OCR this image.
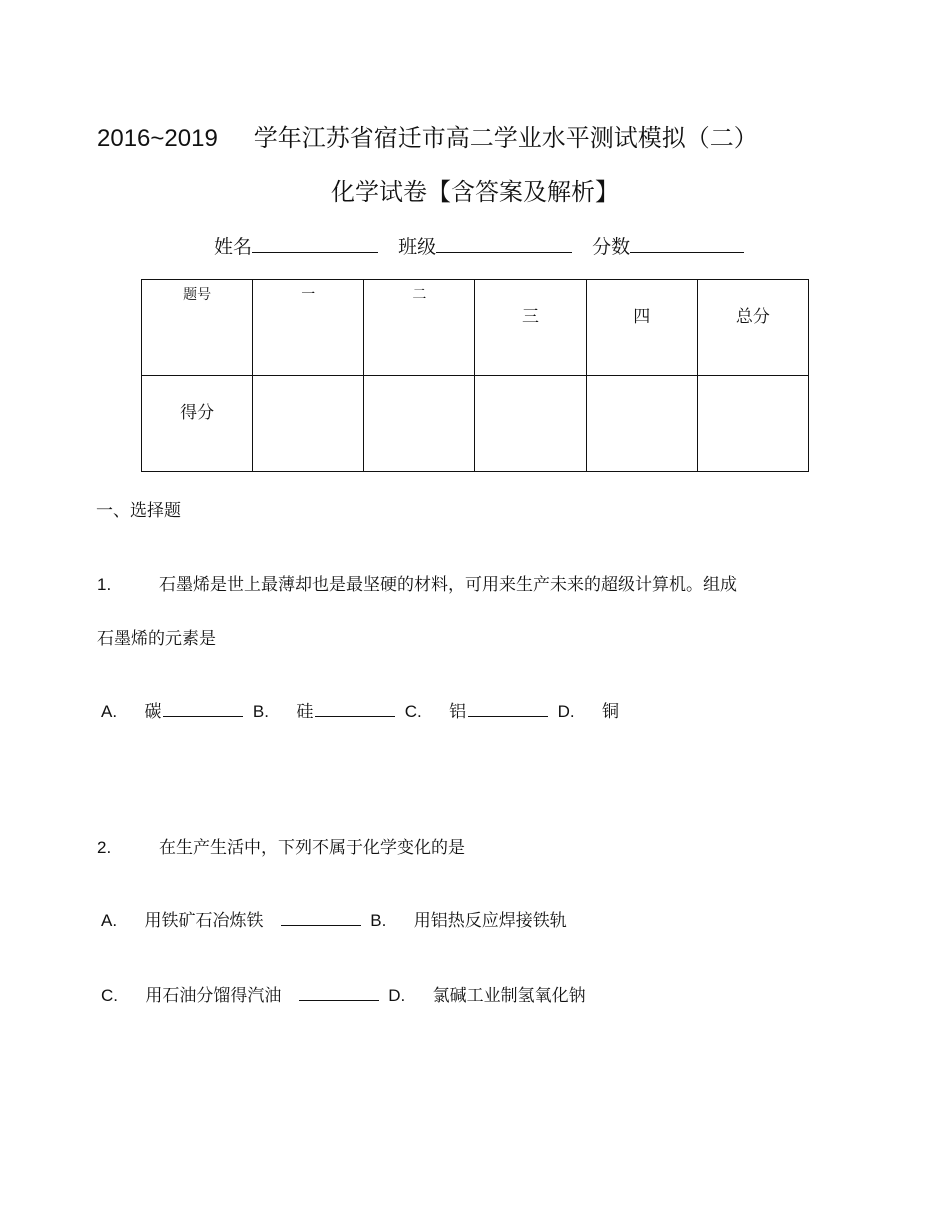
2016~2019 学年江苏省宿迁市高二学业水平测试模拟（二）
化学试卷【含答案及解析】
姓名	班级	分数
题号	一	二	三	四	总分

得分					

一、选择题
1.	石墨烯是世上最薄却也是最坚硬的材料，可用来生产未来的超级计算机。组成
石墨烯的元素是
A. 碳	B. 硅	C. 铝	D. 铜
2.	在生产生活中，下列不属于化学变化的是
A. 用铁矿石冶炼铁	B. 用铝热反应焊接铁轨
C. 用石油分馏得汽油	D. 氯碱工业制氢氧化钠
